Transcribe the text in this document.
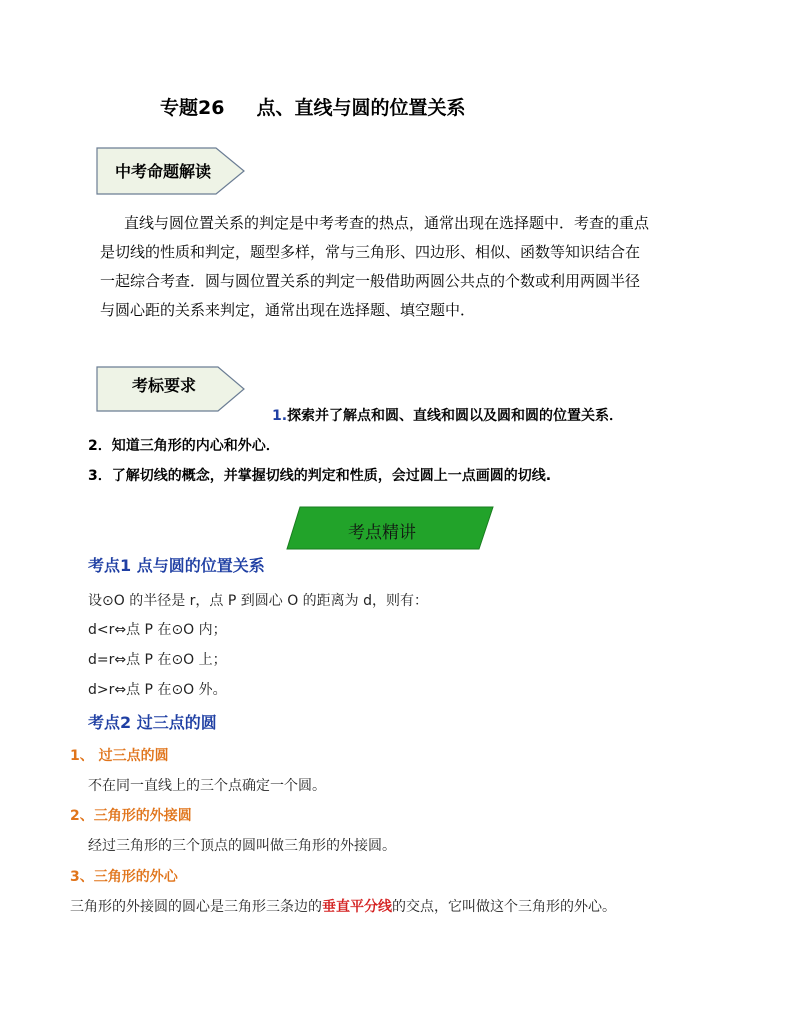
专题26 点、直线与圆的位置关系
中考命题解读

直线与圆位置关系的判定是中考考查的热点，通常出现在选择题中．考查的重点

是切线的性质和判定，题型多样，常与三角形、四边形、相似、函数等知识结合在

一起综合考查．圆与圆位置关系的判定一般借助两圆公共点的个数或利用两圆半径

与圆心距的关系来判定，通常出现在选择题、填空题中．

考标要求
1.探索并了解点和圆、直线和圆以及圆和圆的位置关系．
2．知道三角形的内心和外心．
3．了解切线的概念，并掌握切线的判定和性质，会过圆上一点画圆的切线.
考点精讲
考点1 点与圆的位置关系
设⊙O 的半径是 r，点 P 到圆心 O 的距离为 d，则有：
d<r⇔点 P 在⊙O 内；
d=r⇔点 P 在⊙O 上；
d>r⇔点 P 在⊙O 外。
考点2 过三点的圆
1、 过三点的圆
不在同一直线上的三个点确定一个圆。
2、三角形的外接圆
经过三角形的三个顶点的圆叫做三角形的外接圆。
3、三角形的外心
三角形的外接圆的圆心是三角形三条边的垂直平分线的交点，它叫做这个三角形的外心。
